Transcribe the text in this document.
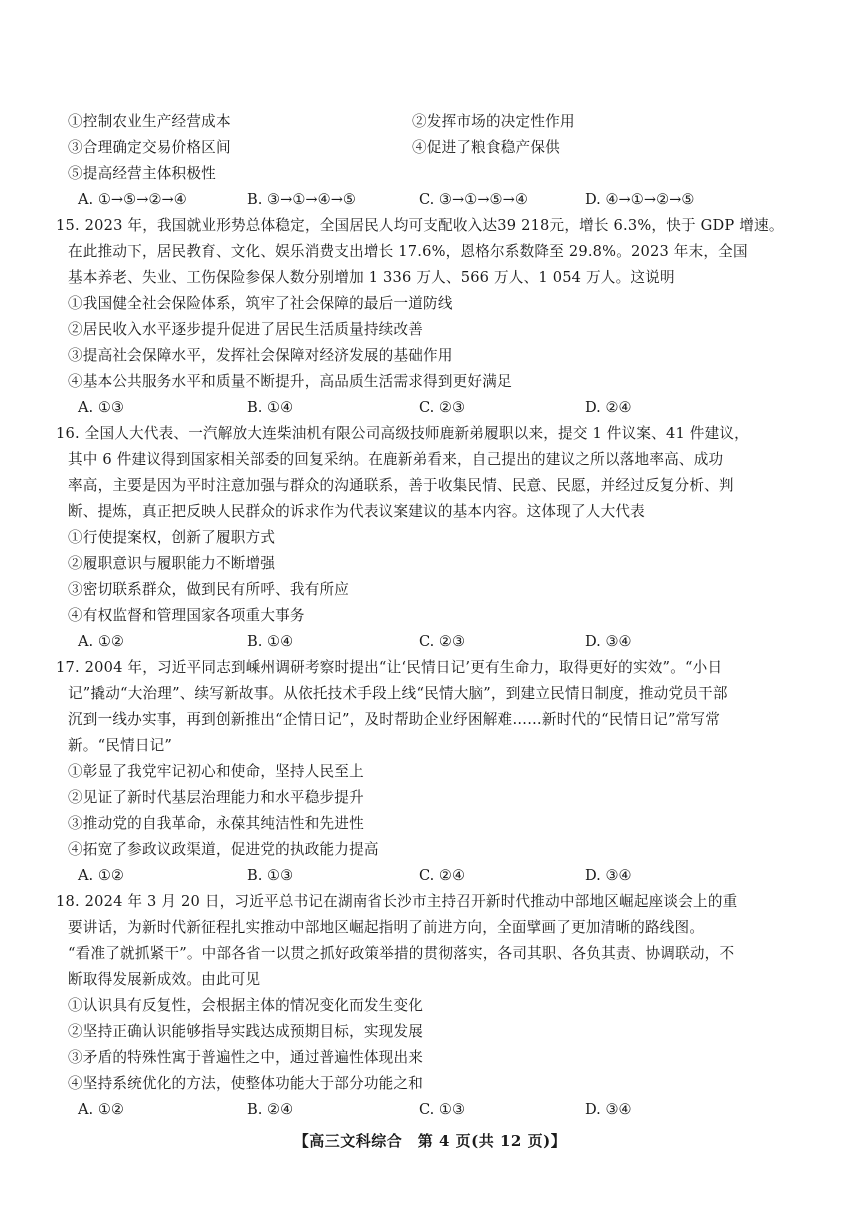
①控制农业生产经营成本	②发挥市场的决定性作用
③合理确定交易价格区间	④促进了粮食稳产保供
⑤提高经营主体积极性
A. ①→⑤→②→④	B. ③→①→④→⑤	C. ③→①→⑤→④	D. ④→①→②→⑤
15. 2023 年，我国就业形势总体稳定，全国居民人均可支配收入达39 218元，增长 6.3%，快于 GDP 增速。
在此推动下，居民教育、文化、娱乐消费支出增长 17.6%，恩格尔系数降至 29.8%。2023 年末，全国
基本养老、失业、工伤保险参保人数分别增加 1 336 万人、566 万人、1 054 万人。这说明
①我国健全社会保险体系，筑牢了社会保障的最后一道防线
②居民收入水平逐步提升促进了居民生活质量持续改善
③提高社会保障水平，发挥社会保障对经济发展的基础作用
④基本公共服务水平和质量不断提升，高品质生活需求得到更好满足
A. ①③	B. ①④	C. ②③	D. ②④
16. 全国人大代表、一汽解放大连柴油机有限公司高级技师鹿新弟履职以来，提交 1 件议案、41 件建议，
其中 6 件建议得到国家相关部委的回复采纳。在鹿新弟看来，自己提出的建议之所以落地率高、成功
率高，主要是因为平时注意加强与群众的沟通联系，善于收集民情、民意、民愿，并经过反复分析、判
断、提炼，真正把反映人民群众的诉求作为代表议案建议的基本内容。这体现了人大代表
①行使提案权，创新了履职方式
②履职意识与履职能力不断增强
③密切联系群众，做到民有所呼、我有所应
④有权监督和管理国家各项重大事务
A. ①②	B. ①④	C. ②③	D. ③④
17. 2004 年，习近平同志到嵊州调研考察时提出“让‘民情日记’更有生命力，取得更好的实效”。“小日
记”撬动“大治理”、续写新故事。从依托技术手段上线“民情大脑”，到建立民情日制度，推动党员干部
沉到一线办实事，再到创新推出“企情日记”，及时帮助企业纾困解难……新时代的“民情日记”常写常
新。“民情日记”
①彰显了我党牢记初心和使命，坚持人民至上
②见证了新时代基层治理能力和水平稳步提升
③推动党的自我革命，永葆其纯洁性和先进性
④拓宽了参政议政渠道，促进党的执政能力提高
A. ①②	B. ①③	C. ②④	D. ③④
18. 2024 年 3 月 20 日，习近平总书记在湖南省长沙市主持召开新时代推动中部地区崛起座谈会上的重
要讲话，为新时代新征程扎实推动中部地区崛起指明了前进方向，全面擘画了更加清晰的路线图。
“看准了就抓紧干”。中部各省一以贯之抓好政策举措的贯彻落实，各司其职、各负其责、协调联动，不
断取得发展新成效。由此可见
①认识具有反复性，会根据主体的情况变化而发生变化
②坚持正确认识能够指导实践达成预期目标，实现发展
③矛盾的特殊性寓于普遍性之中，通过普遍性体现出来
④坚持系统优化的方法，使整体功能大于部分功能之和
A. ①②	B. ②④	C. ①③	D. ③④
【高三文科综合　第 4 页(共 12 页)】
